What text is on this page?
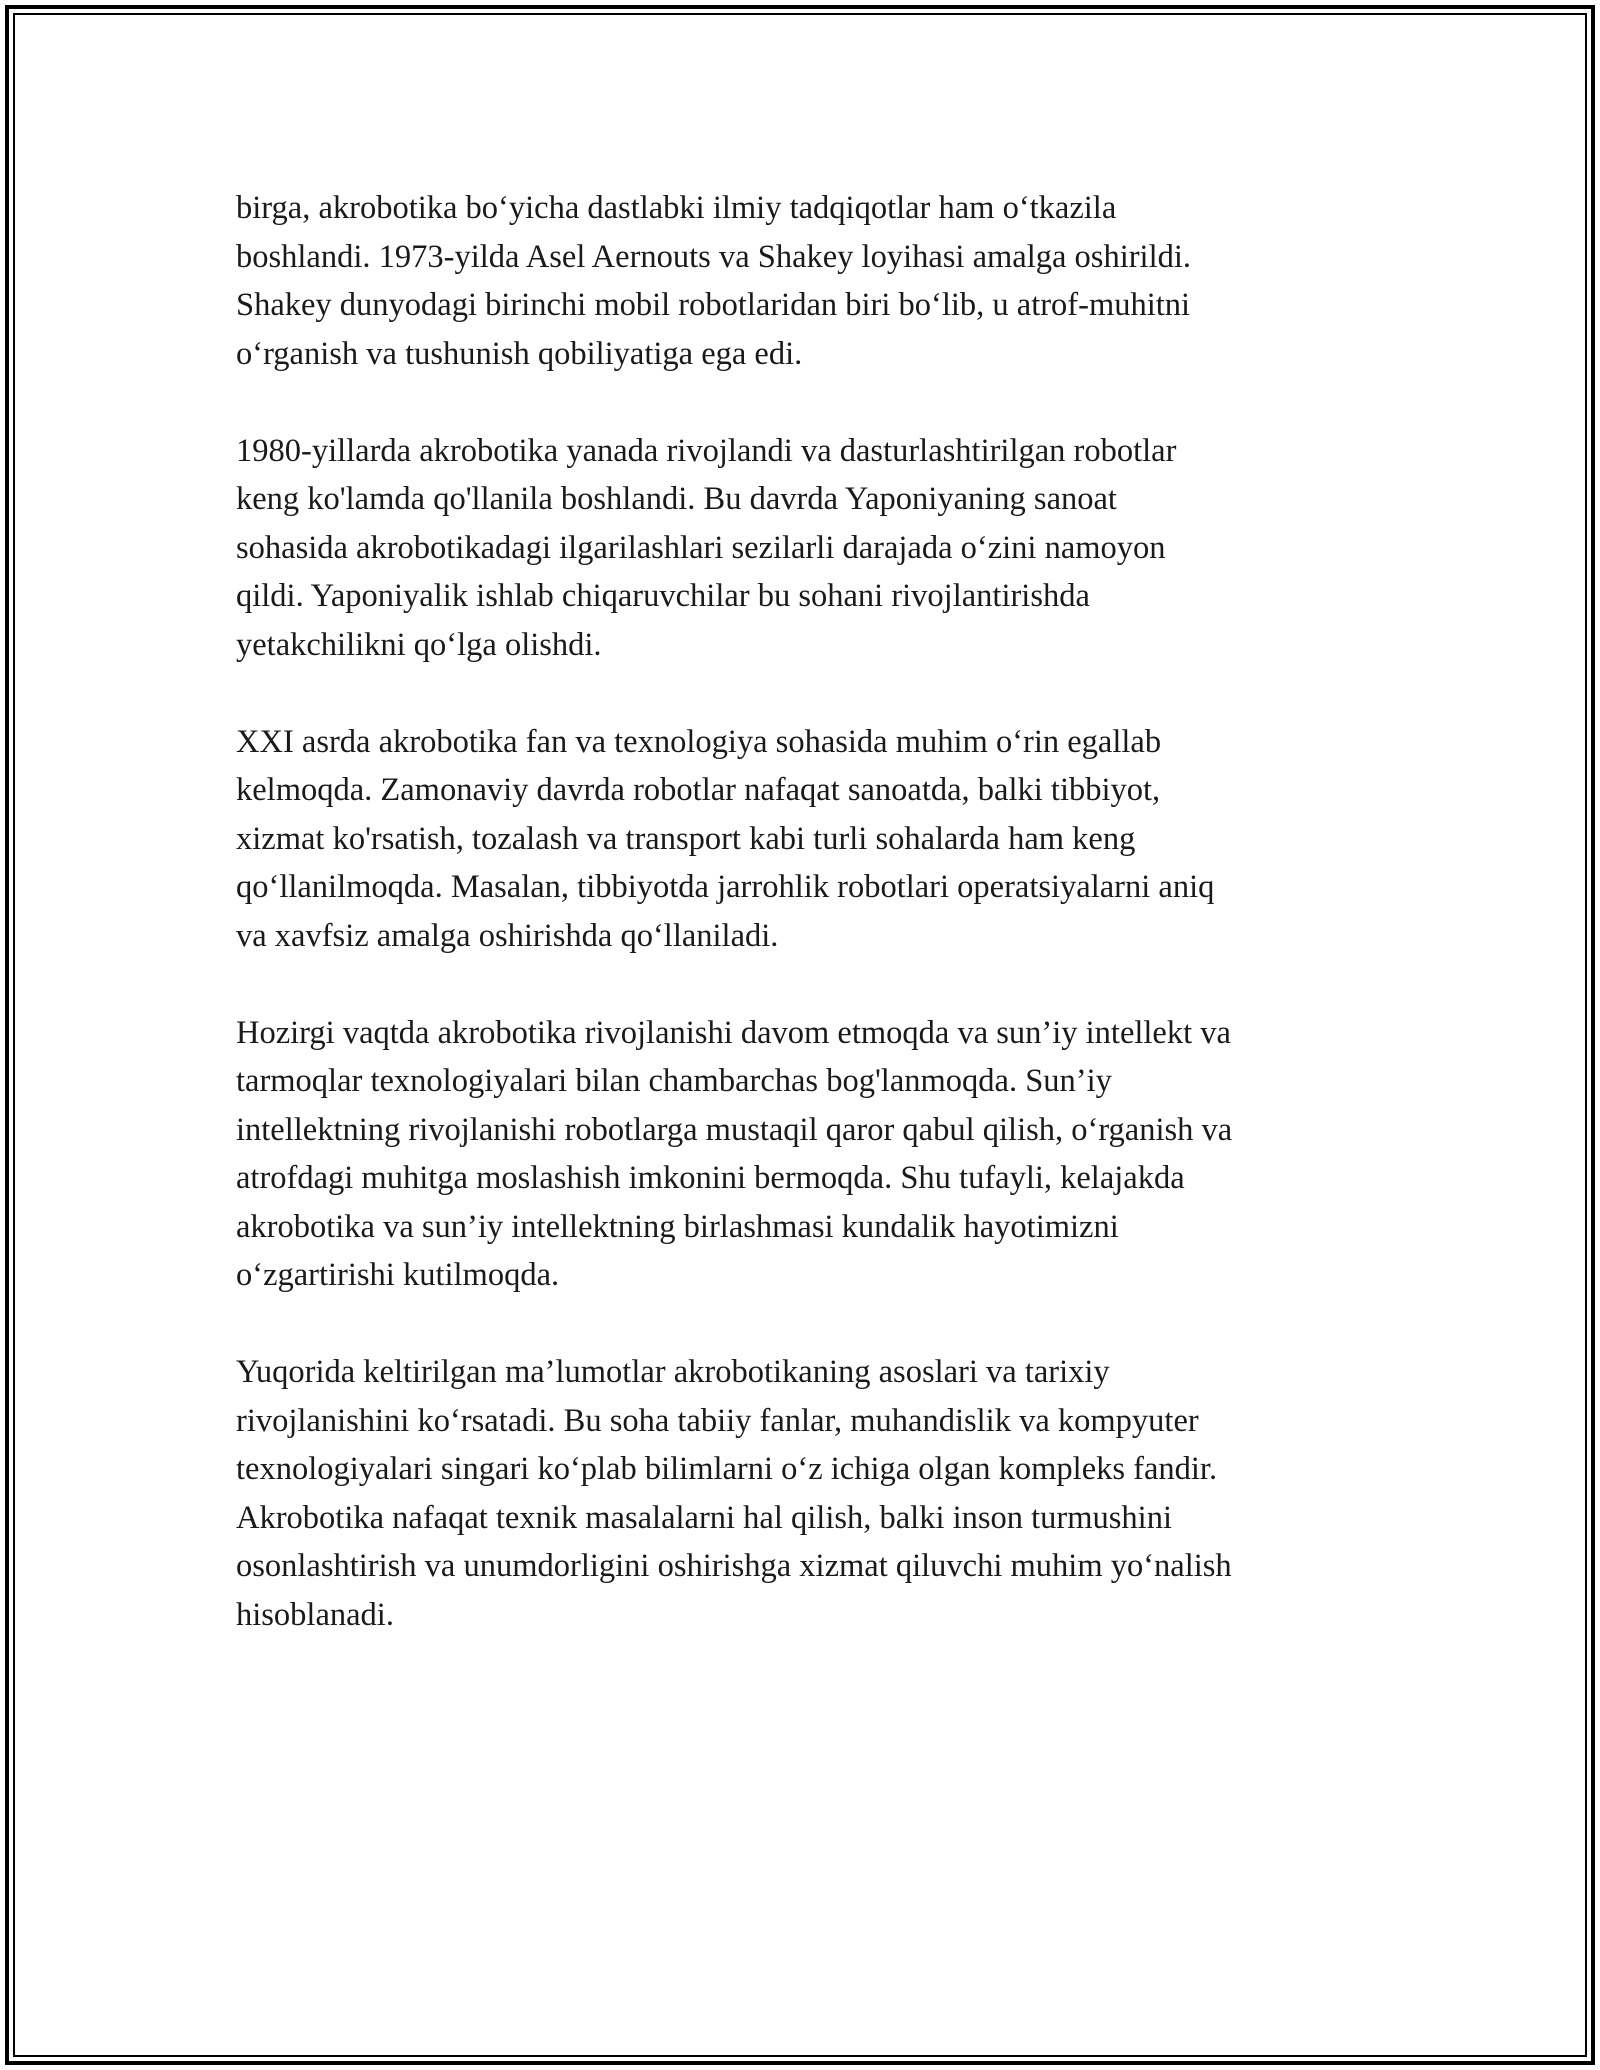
birga, akrobotika bo‘yicha dastlabki ilmiy tadqiqotlar ham o‘tkazila
boshlandi. 1973-yilda Asel Aernouts va Shakey loyihasi amalga oshirildi.
Shakey dunyodagi birinchi mobil robotlaridan biri bo‘lib, u atrof-muhitni
o‘rganish va tushunish qobiliyatiga ega edi.

1980-yillarda akrobotika yanada rivojlandi va dasturlashtirilgan robotlar
keng ko'lamda qo'llanila boshlandi. Bu davrda Yaponiyaning sanoat
sohasida akrobotikadagi ilgarilashlari sezilarli darajada o‘zini namoyon
qildi. Yaponiyalik ishlab chiqaruvchilar bu sohani rivojlantirishda
yetakchilikni qo‘lga olishdi.

XXI asrda akrobotika fan va texnologiya sohasida muhim o‘rin egallab
kelmoqda. Zamonaviy davrda robotlar nafaqat sanoatda, balki tibbiyot,
xizmat ko'rsatish, tozalash va transport kabi turli sohalarda ham keng
qo‘llanilmoqda. Masalan, tibbiyotda jarrohlik robotlari operatsiyalarni aniq
va xavfsiz amalga oshirishda qo‘llaniladi.

Hozirgi vaqtda akrobotika rivojlanishi davom etmoqda va sun’iy intellekt va
tarmoqlar texnologiyalari bilan chambarchas bog'lanmoqda. Sun’iy
intellektning rivojlanishi robotlarga mustaqil qaror qabul qilish, o‘rganish va
atrofdagi muhitga moslashish imkonini bermoqda. Shu tufayli, kelajakda
akrobotika va sun’iy intellektning birlashmasi kundalik hayotimizni
o‘zgartirishi kutilmoqda.

Yuqorida keltirilgan ma’lumotlar akrobotikaning asoslari va tarixiy
rivojlanishini ko‘rsatadi. Bu soha tabiiy fanlar, muhandislik va kompyuter
texnologiyalari singari ko‘plab bilimlarni o‘z ichiga olgan kompleks fandir.
Akrobotika nafaqat texnik masalalarni hal qilish, balki inson turmushini
osonlashtirish va unumdorligini oshirishga xizmat qiluvchi muhim yo‘nalish
hisoblanadi.
